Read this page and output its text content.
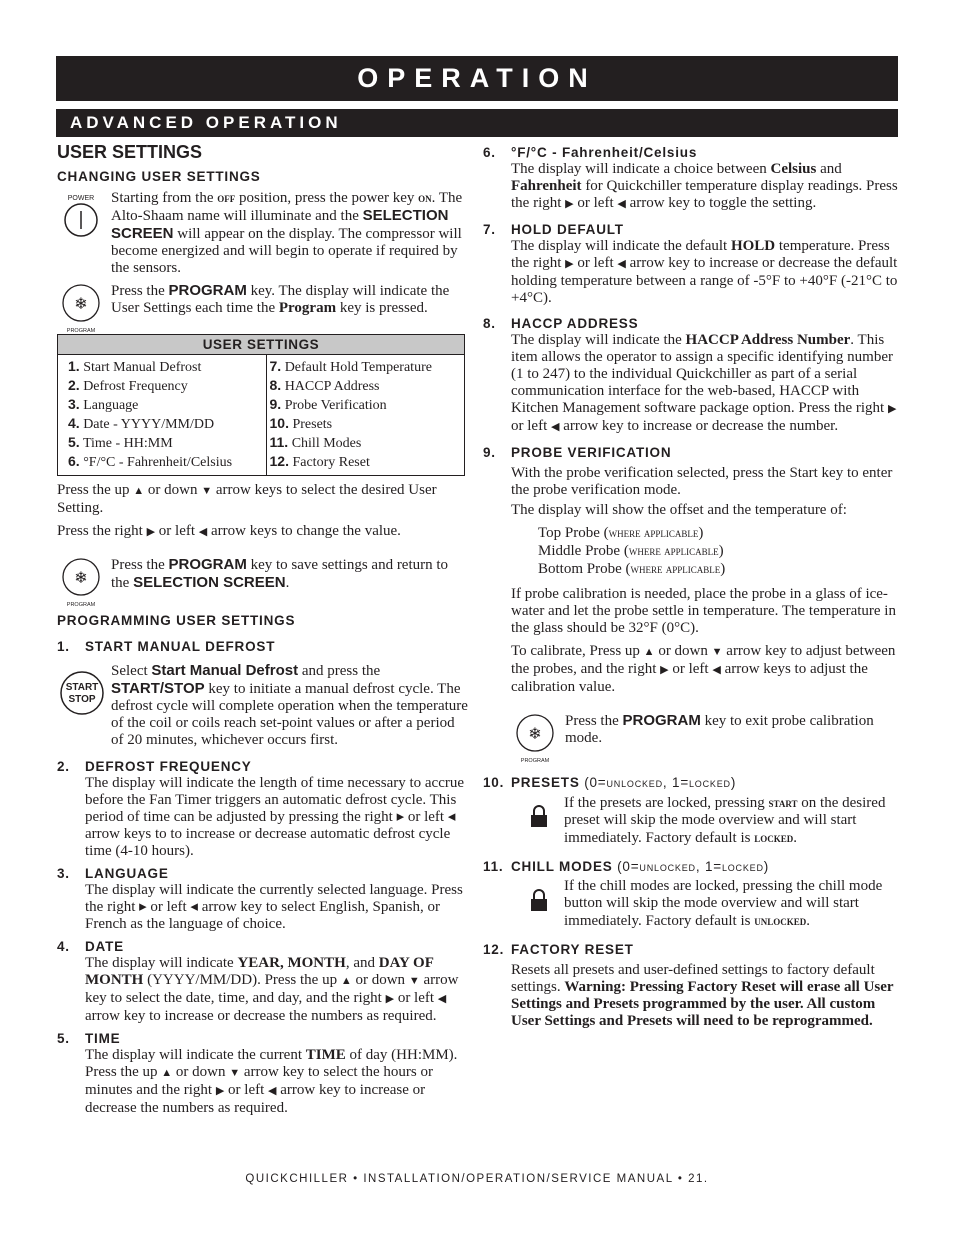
OPERATION
ADVANCED OPERATION

USER SETTINGS

CHANGING USER SETTINGS

POWER Starting from the off position, press the power key on. The Alto-Shaam name will illuminate and the SELECTION SCREEN will appear on the display. The compressor will become energized and will begin to operate if required by the sensors.

❄
PROGRAM

Press the PROGRAM key. The display will indicate the User Settings each time the Program key is pressed.

USER SETTINGS	
1. Start Manual Defrost	7. Default Hold Temperature
2. Defrost Frequency	8. HACCP Address
3. Language	9. Probe Verification
4. Date - YYYY/MM/DD	10. Presets
5. Time - HH:MM	11. Chill Modes
6. °F/°C - Fahrenheit/Celsius	12. Factory Reset

Press the up ▲ or down ▼ arrow keys to select the desired User Setting.

Press the right ▶ or left ◀ arrow keys to change the value.

❄
PROGRAM

Press the PROGRAM key to save settings and return to the SELECTION SCREEN.

PROGRAMMING USER SETTINGS

1. START MANUAL DEFROST

START
STOP

Select Start Manual Defrost and press the START/STOP key to initiate a manual defrost cycle. The defrost cycle will complete operation when the temperature of the coil or coils reach set-point values or after a period of 20 minutes, whichever occurs first.

2. DEFROST FREQUENCY

The display will indicate the length of time necessary to accrue before the Fan Timer triggers an automatic defrost cycle. This period of time can be adjusted by pressing the right ▸ or left ◂ arrow keys to to increase or decrease automatic defrost cycle time (4-10 hours).

3. LANGUAGE

The display will indicate the currently selected language. Press the right ▸ or left ◂ arrow key to select English, Spanish, or French as the language of choice.

4. DATE

The display will indicate YEAR, MONTH, and DAY OF MONTH (YYYY/MM/DD). Press the up ▲ or down ▼ arrow key to select the date, time, and day, and the right ▶ or left ◀ arrow key to increase or decrease the numbers as required.

5. TIME

The display will indicate the current TIME of day (HH:MM). Press the up ▲ or down ▼ arrow key to select the hours or minutes and the right ▶ or left ◀ arrow key to increase or decrease the numbers as required.

6. °F/°C - Fahrenheit/Celsius

The display will indicate a choice between Celsius and Fahrenheit for Quickchiller temperature display readings. Press the right ▶ or left ◀ arrow key to toggle the setting.

7. HOLD DEFAULT

The display will indicate the default HOLD temperature. Press the right ▶ or left ◀ arrow key to increase or decrease the default holding temperature between a range of -5°F to +40°F (-21°C to +4°C).

8. HACCP ADDRESS

The display will indicate the HACCP Address Number. This item allows the operator to assign a specific identifying number (1 to 247) to the individual Quickchiller as part of a serial communication interface for the web-based, HACCP with Kitchen Management software package option. Press the right ▶ or left ◀ arrow key to increase or decrease the number.

9. PROBE VERIFICATION

With the probe verification selected, press the Start key to enter the probe verification mode.

The display will show the offset and the temperature of:

Top Probe (where applicable)

Middle Probe (where applicable)

Bottom Probe (where applicable)

If probe calibration is needed, place the probe in a glass of ice-water and let the probe settle in temperature. The temperature in the glass should be 32°F (0°C).

To calibrate, Press up ▲ or down ▼ arrow key to adjust between the probes, and the right ▶ or left ◀ arrow keys to adjust the calibration value.

❄
PROGRAM

Press the PROGRAM key to exit probe calibration mode.

10. PRESETS (0=unlocked, 1=locked)

If the presets are locked, pressing start on the desired preset will skip the mode overview and will start immediately. Factory default is locked.

11. CHILL MODES (0=unlocked, 1=locked)

If the chill modes are locked, pressing the chill mode button will skip the mode overview and will start immediately. Factory default is unlocked.

12. FACTORY RESET

Resets all presets and user-defined settings to factory default settings. Warning: Pressing Factory Reset will erase all User Settings and Presets programmed by the user. All custom User Settings and Presets will need to be reprogrammed.

QUICKCHILLER • INSTALLATION/OPERATION/SERVICE MANUAL • 21.
